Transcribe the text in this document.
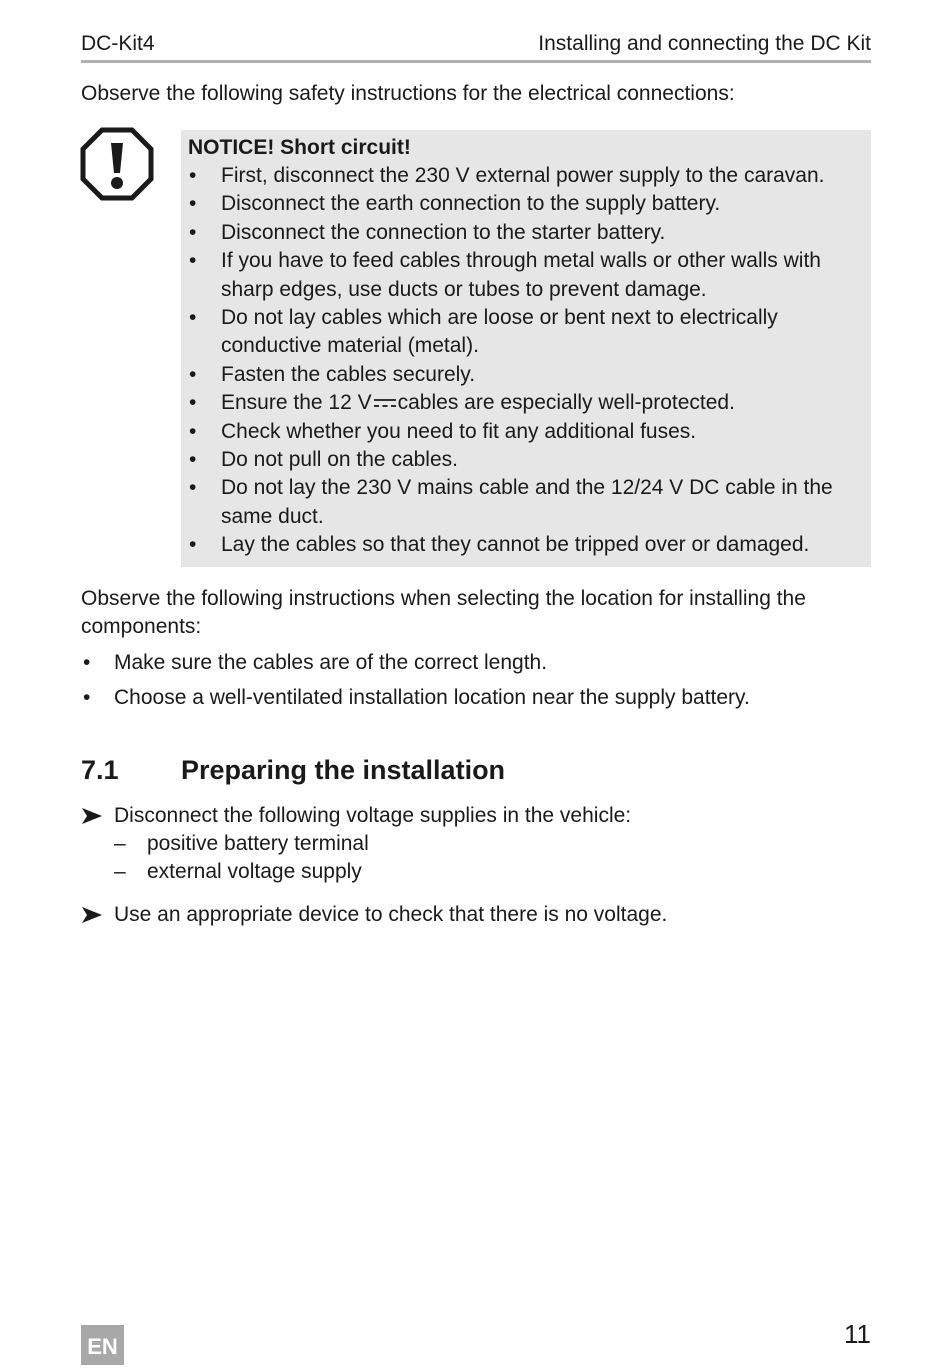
DC-Kit4	Installing and connecting the DC Kit
Observe the following safety instructions for the electrical connections:
NOTICE! Short circuit!
• First, disconnect the 230 V external power supply to the caravan.
• Disconnect the earth connection to the supply battery.
• Disconnect the connection to the starter battery.
• If you have to feed cables through metal walls or other walls with sharp edges, use ducts or tubes to prevent damage.
• Do not lay cables which are loose or bent next to electrically conductive material (metal).
• Fasten the cables securely.
• Ensure the 12 V cables are especially well-protected.
• Check whether you need to fit any additional fuses.
• Do not pull on the cables.
• Do not lay the 230 V mains cable and the 12/24 V DC cable in the same duct.
• Lay the cables so that they cannot be tripped over or damaged.
Observe the following instructions when selecting the location for installing the components:
• Make sure the cables are of the correct length.
• Choose a well-ventilated installation location near the supply battery.
7.1 Preparing the installation
Disconnect the following voltage supplies in the vehicle:
– positive battery terminal
– external voltage supply
Use an appropriate device to check that there is no voltage.
EN	11
